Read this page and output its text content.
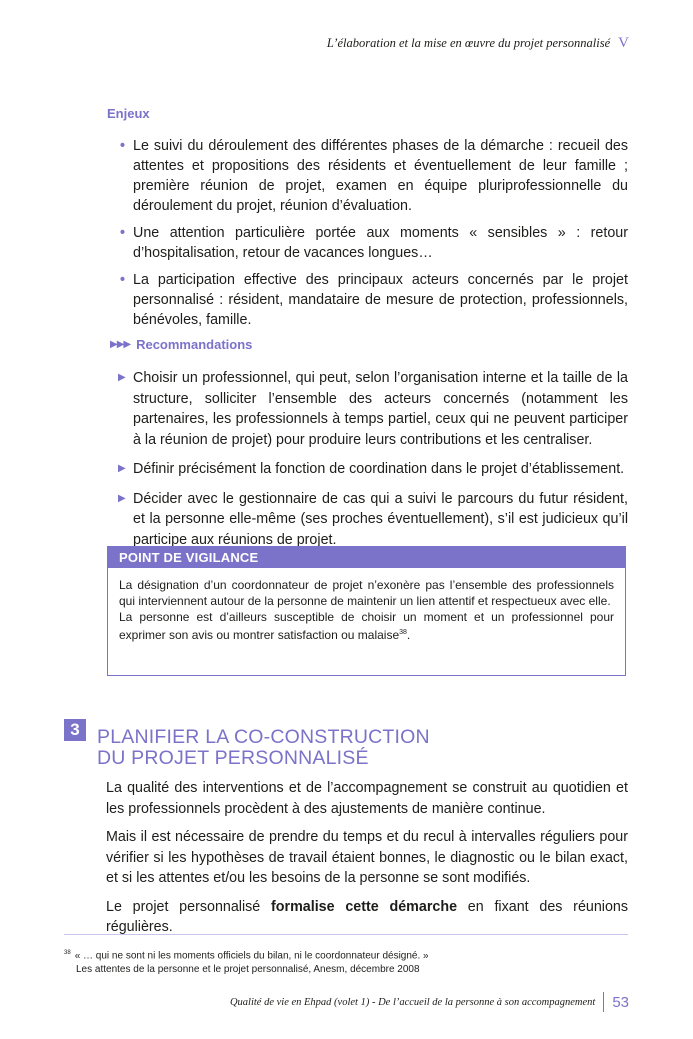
L’élaboration et la mise en œuvre du projet personnalisé V
Enjeux
• Le suivi du déroulement des différentes phases de la démarche : recueil des attentes et propositions des résidents et éventuellement de leur famille ; première réunion de projet, examen en équipe pluriprofessionnelle du déroulement du projet, réunion d’évaluation.
• Une attention particulière portée aux moments « sensibles » : retour d’hospitalisation, retour de vacances longues…
• La participation effective des principaux acteurs concernés par le projet personnalisé : résident, mandataire de mesure de protection, professionnels, bénévoles, famille.
▶▶▶ Recommandations
▶ Choisir un professionnel, qui peut, selon l’organisation interne et la taille de la structure, solliciter l’ensemble des acteurs concernés (notamment les partenaires, les professionnels à temps partiel, ceux qui ne peuvent participer à la réunion de projet) pour produire leurs contributions et les centraliser.
▶ Définir précisément la fonction de coordination dans le projet d’établissement.
▶ Décider avec le gestionnaire de cas qui a suivi le parcours du futur résident, et la personne elle-même (ses proches éventuellement), s’il est judicieux qu’il participe aux réunions de projet.
POINT DE VIGILANCE

La désignation d’un coordonnateur de projet n’exonère pas l’ensemble des professionnels qui interviennent autour de la personne de maintenir un lien attentif et respectueux avec elle.

La personne est d’ailleurs susceptible de choisir un moment et un professionnel pour exprimer son avis ou montrer satisfaction ou malaise$^{38}$.

3 PLANIFIER LA CO-CONSTRUCTION
DU PROJET PERSONNALISÉ

La qualité des interventions et de l’accompagnement se construit au quotidien et les professionnels procèdent à des ajustements de manière continue.

Mais il est nécessaire de prendre du temps et du recul à intervalles réguliers pour vérifier si les hypothèses de travail étaient bonnes, le diagnostic ou le bilan exact, et si les attentes et/ou les besoins de la personne se sont modifiés.

Le projet personnalisé formalise cette démarche en fixant des réunions régulières.

$^{38}$ « … qui ne sont ni les moments officiels du bilan, ni le coordonnateur désigné. »
Les attentes de la personne et le projet personnalisé, Anesm, décembre 2008
Qualité de vie en Ehpad (volet 1) - De l’accueil de la personne à son accompagnement 53
